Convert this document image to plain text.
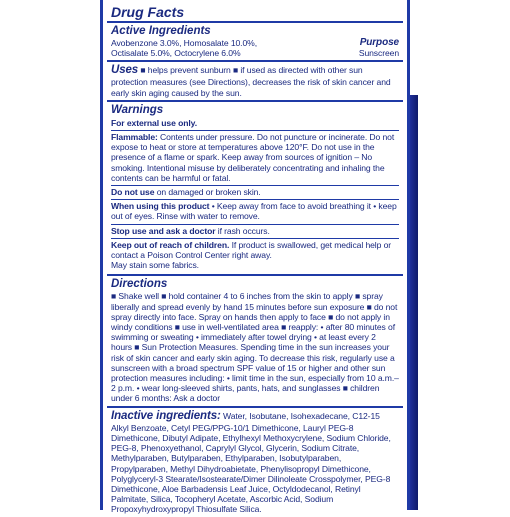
Drug Facts
Active Ingredients
Avobenzone 3.0%, Homosalate 10.0%,
Octisalate 5.0%, Octocrylene 6.0%
Purpose
Sunscreen
Uses ■ helps prevent sunburn ■ if used as directed with other sun protection measures (see Directions), decreases the risk of skin cancer and early skin aging caused by the sun.
Warnings
For external use only.
Flammable: Contents under pressure. Do not puncture or incinerate. Do not expose to heat or store at temperatures above 120°F. Do not use in the presence of a flame or spark. Keep away from sources of ignition – No smoking. Intentional misuse by deliberately concentrating and inhaling the contents can be harmful or fatal.
Do not use on damaged or broken skin.
When using this product • Keep away from face to avoid breathing it • keep out of eyes. Rinse with water to remove.
Stop use and ask a doctor if rash occurs.
Keep out of reach of children. If product is swallowed, get medical help or contact a Poison Control Center right away.
May stain some fabrics.
Directions
■ Shake well ■ hold container 4 to 6 inches from the skin to apply ■ spray liberally and spread evenly by hand 15 minutes before sun exposure ■ do not spray directly into face. Spray on hands then apply to face ■ do not apply in windy conditions ■ use in well-ventilated area ■ reapply: • after 80 minutes of swimming or sweating • immediately after towel drying • at least every 2 hours ■ Sun Protection Measures. Spending time in the sun increases your risk of skin cancer and early skin aging. To decrease this risk, regularly use a sunscreen with a broad spectrum SPF value of 15 or higher and other sun protection measures including: • limit time in the sun, especially from 10 a.m.–2 p.m. • wear long-sleeved shirts, pants, hats, and sunglasses ■ children under 6 months: Ask a doctor
Inactive ingredients: Water, Isobutane, Isohexadecane, C12-15 Alkyl Benzoate, Cetyl PEG/PPG-10/1 Dimethicone, Lauryl PEG-8 Dimethicone, Dibutyl Adipate, Ethylhexyl Methoxycrylene, Sodium Chloride, PEG-8, Phenoxyethanol, Caprylyl Glycol, Glycerin, Sodium Citrate, Methylparaben, Butylparaben, Ethylparaben, Isobutylparaben, Propylparaben, Methyl Dihydroabietate, Phenylisopropyl Dimethicone, Polyglyceryl-3 Stearate/Isostearate/Dimer Dilinoleate Crosspolymer, PEG-8 Dimethicone, Aloe Barbadensis Leaf Juice, Octyldodecanol, Retinyl Palmitate, Silica, Tocopheryl Acetate, Ascorbic Acid, Sodium Propoxyhydroxypropyl Thiosulfate Silica.
